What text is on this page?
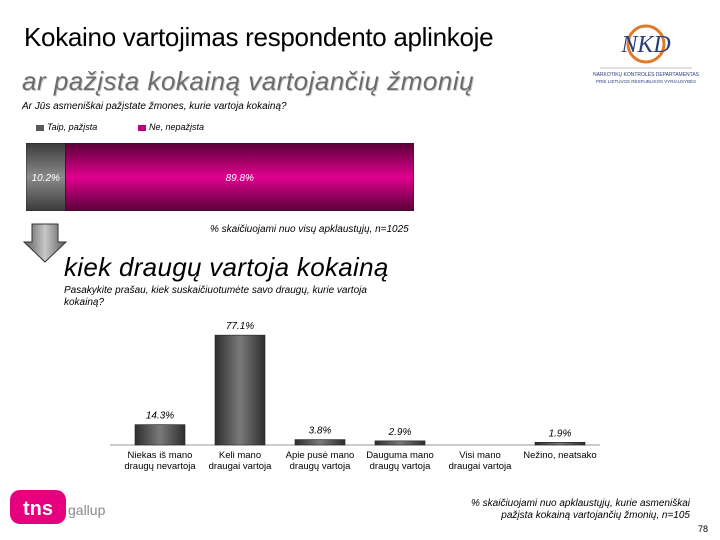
Kokaino vartojimas respondento aplinkoje	NKD
NARKOTIKŲ KONTROLĖS DEPARTAMENTAS
PRIE LIETUVOS RESPUBLIKOS VYRIAUSYBĖS
ar pažįsta kokainą vartojančių žmonių
Ar Jūs asmeniškai pažįstate žmones, kurie vartoja kokainą?
Taip, pažįsta	Ne, nepažįsta
10.2%	89.8%
% skaičiuojami nuo visų apklaustųjų, n=1025
kiek draugų vartoja kokainą
Pasakykite prašau, kiek suskaičiuotumėte savo draugų, kurie vartoja kokainą?
14.3%
Niekas iš mano
draugų nevartoja
77.1%
Keli mano
draugai vartoja
3.8%
Apie pusė mano
draugų vartoja
2.9%
Dauguma mano
draugų vartoja
Visi mano
draugai vartoja
1.9%
Nežino, neatsako
% skaičiuojami nuo apklaustųjų, kurie asmeniškai
pažįsta kokainą vartojančių žmonių, n=105
tns gallup
78
